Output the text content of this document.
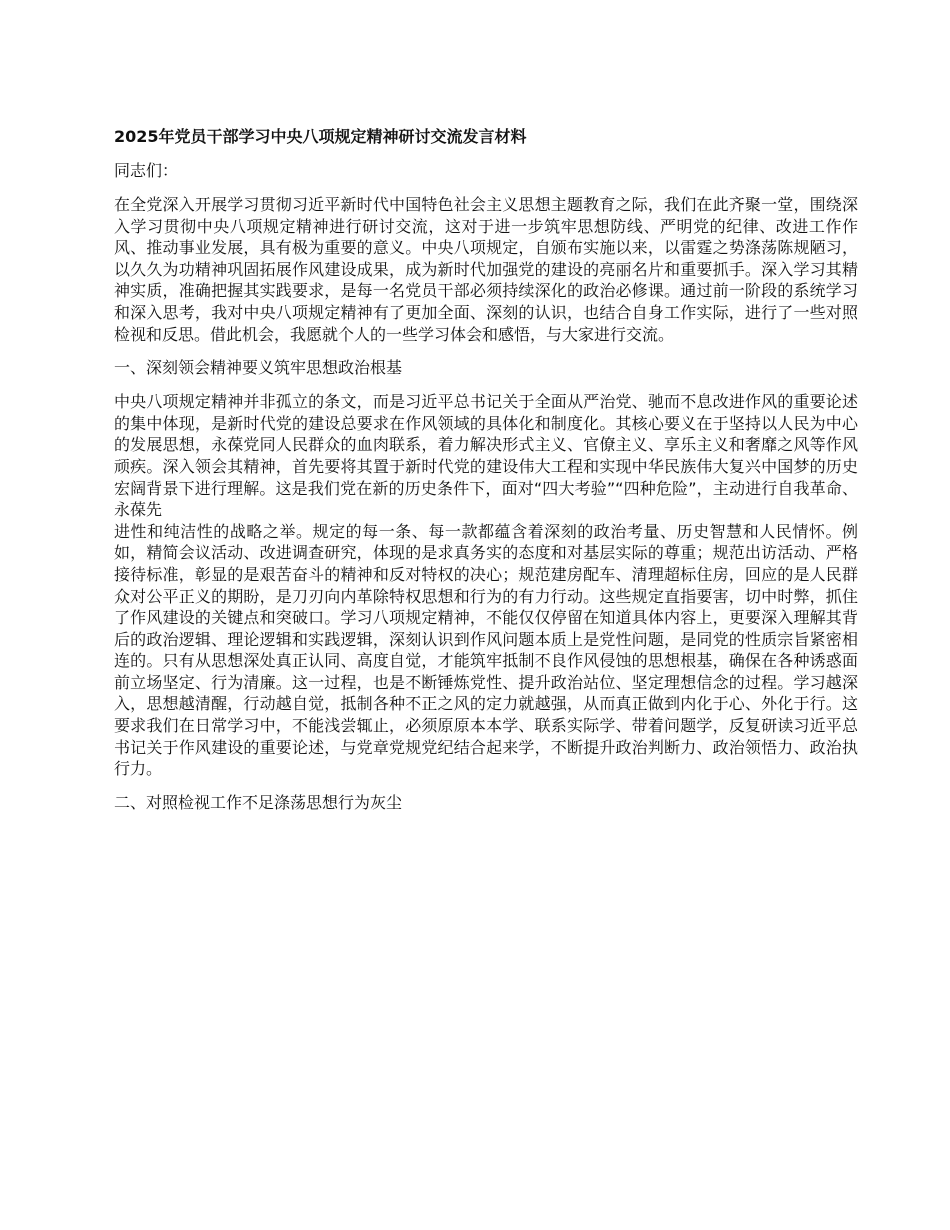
2025年党员干部学习中央八项规定精神研讨交流发言材料
同志们：
在全党深入开展学习贯彻习近平新时代中国特色社会主义思想主题教育之际，我们在此齐聚一堂，围绕深入学习贯彻中央八项规定精神进行研讨交流，这对于进一步筑牢思想防线、严明党的纪律、改进工作作风、推动事业发展，具有极为重要的意义。中央八项规定，自颁布实施以来，以雷霆之势涤荡陈规陋习，以久久为功精神巩固拓展作风建设成果，成为新时代加强党的建设的亮丽名片和重要抓手。深入学习其精神实质，准确把握其实践要求，是每一名党员干部必须持续深化的政治必修课。通过前一阶段的系统学习和深入思考，我对中央八项规定精神有了更加全面、深刻的认识，也结合自身工作实际，进行了一些对照检视和反思。借此机会，我愿就个人的一些学习体会和感悟，与大家进行交流。
一、深刻领会精神要义筑牢思想政治根基
中央八项规定精神并非孤立的条文，而是习近平总书记关于全面从严治党、驰而不息改进作风的重要论述的集中体现，是新时代党的建设总要求在作风领域的具体化和制度化。其核心要义在于坚持以人民为中心的发展思想，永葆党同人民群众的血肉联系，着力解决形式主义、官僚主义、享乐主义和奢靡之风等作风顽疾。深入领会其精神，首先要将其置于新时代党的建设伟大工程和实现中华民族伟大复兴中国梦的历史宏阔背景下进行理解。这是我们党在新的历史条件下，面对“四大考验”“四种危险”，主动进行自我革命、永葆先
进性和纯洁性的战略之举。规定的每一条、每一款都蕴含着深刻的政治考量、历史智慧和人民情怀。例如，精简会议活动、改进调查研究，体现的是求真务实的态度和对基层实际的尊重；规范出访活动、严格接待标准，彰显的是艰苦奋斗的精神和反对特权的决心；规范建房配车、清理超标住房，回应的是人民群众对公平正义的期盼，是刀刃向内革除特权思想和行为的有力行动。这些规定直指要害，切中时弊，抓住了作风建设的关键点和突破口。学习八项规定精神，不能仅仅停留在知道具体内容上，更要深入理解其背后的政治逻辑、理论逻辑和实践逻辑，深刻认识到作风问题本质上是党性问题，是同党的性质宗旨紧密相连的。只有从思想深处真正认同、高度自觉，才能筑牢抵制不良作风侵蚀的思想根基，确保在各种诱惑面前立场坚定、行为清廉。这一过程，也是不断锤炼党性、提升政治站位、坚定理想信念的过程。学习越深入，思想越清醒，行动越自觉，抵制各种不正之风的定力就越强，从而真正做到内化于心、外化于行。这要求我们在日常学习中，不能浅尝辄止，必须原原本本学、联系实际学、带着问题学，反复研读习近平总书记关于作风建设的重要论述，与党章党规党纪结合起来学，不断提升政治判断力、政治领悟力、政治执行力。
二、对照检视工作不足涤荡思想行为灰尘
